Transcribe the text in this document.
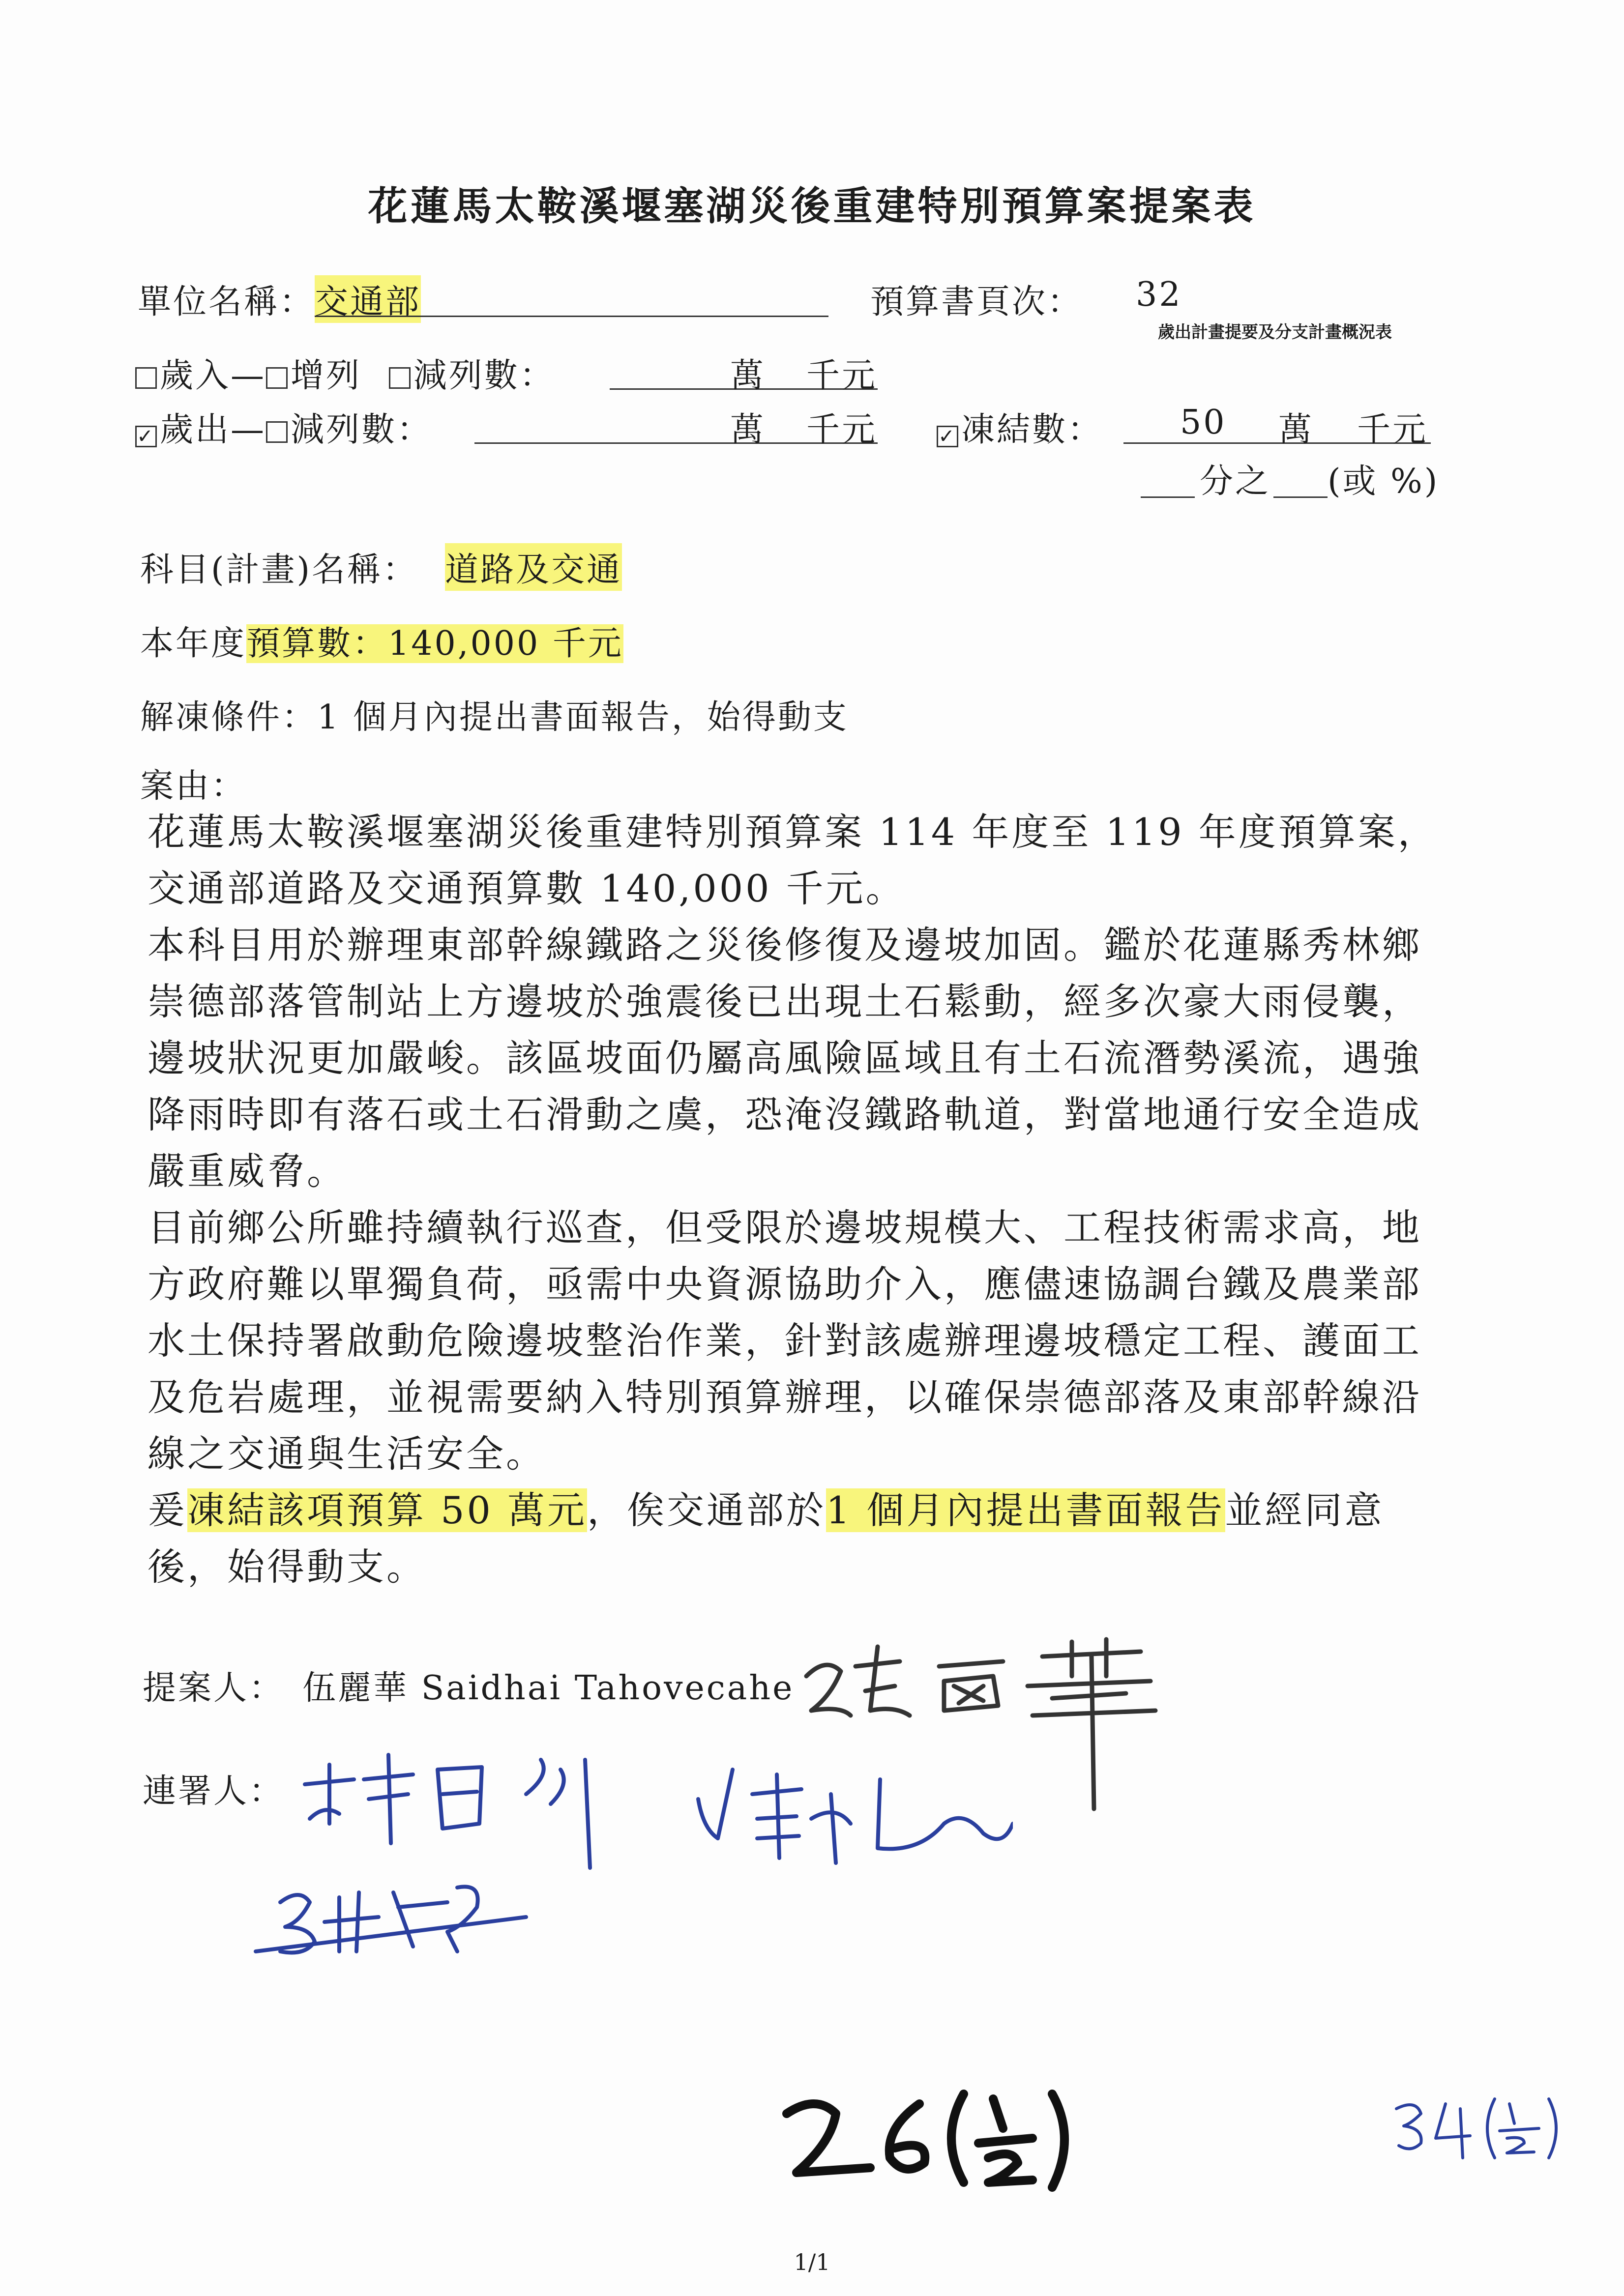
花蓮馬太鞍溪堰塞湖災後重建特別預算案提案表
單位名稱： 交通部	預算書頁次： 32
歲出計畫提要及分支計畫概況表
歲入— 增列 減列數：	萬 千元
✓ 歲出— 減列數：	萬 千元	✓ 凍結數： 50 萬 千元
分之 (或 %)
科目(計畫)名稱： 道路及交通
本年度預算數：140,000 千元
解凍條件：1 個月內提出書面報告，始得動支
案由：

花蓮馬太鞍溪堰塞湖災後重建特別預算案 114 年度至 119 年度預算案，交通部道路及交通預算數 140,000 千元。

本科目用於辦理東部幹線鐵路之災後修復及邊坡加固。鑑於花蓮縣秀林鄉崇德部落管制站上方邊坡於強震後已出現土石鬆動，經多次豪大雨侵襲，邊坡狀況更加嚴峻。該區坡面仍屬高風險區域且有土石流潛勢溪流，遇強降雨時即有落石或土石滑動之虞，恐淹沒鐵路軌道，對當地通行安全造成嚴重威脅。

目前鄉公所雖持續執行巡查，但受限於邊坡規模大、工程技術需求高，地方政府難以單獨負荷，亟需中央資源協助介入，應儘速協調台鐵及農業部水土保持署啟動危險邊坡整治作業，針對該處辦理邊坡穩定工程、護面工及危岩處理，並視需要納入特別預算辦理，以確保崇德部落及東部幹線沿線之交通與生活安全。

爰凍結該項預算 50 萬元，俟交通部於1 個月內提出書面報告並經同意後，始得動支。

提案人： 伍麗華 Saidhai Tahovecahe
連署人：
1/1
